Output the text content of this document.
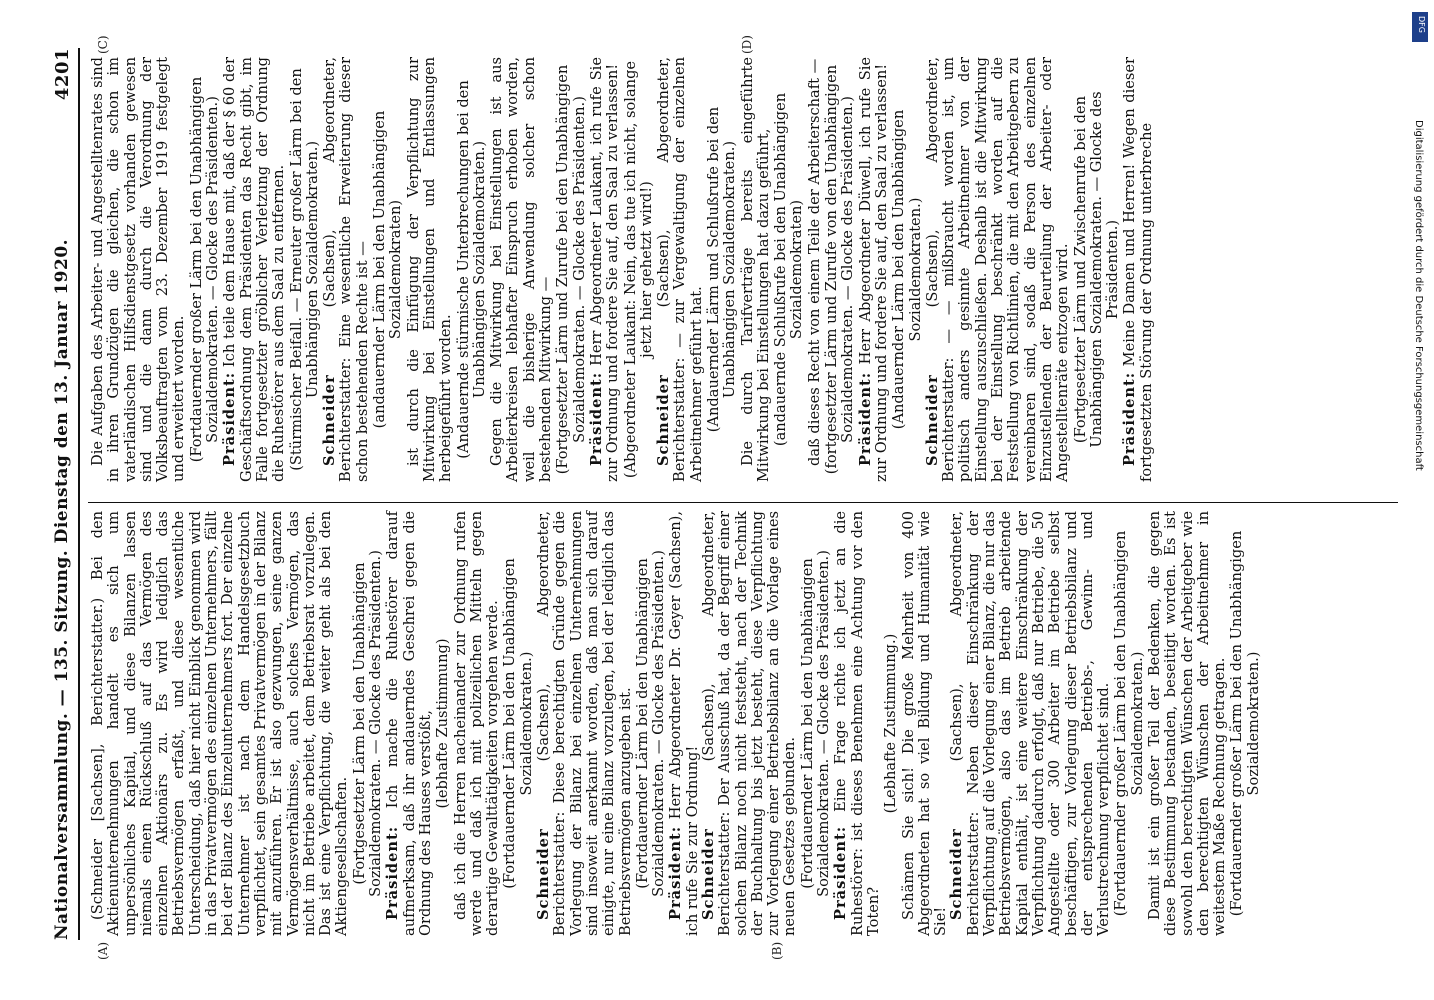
Nationalversammlung. — 135. Sitzung. Dienstag den 13. Januar 1920.
4201
(A)	(B)
(C)	(D)

(Schneider [Sachsen], Berichterstatter.) Bei den Aktienunternehmungen handelt es sich um unpersönliches Kapital, und diese Bilanzen lassen niemals einen Rückschluß auf das Vermögen des einzelnen Aktionärs zu. Es wird lediglich das Betriebsvermögen erfaßt, und diese wesentliche Unterscheidung, daß hier nicht Einblick genommen wird in das Privatvermögen des einzelnen Unternehmers, fällt bei der Bilanz des Einzelunternehmers fort. Der einzelne Unternehmer ist nach dem Handelsgesetzbuch verpflichtet, sein gesamtes Privatvermögen in der Bilanz mit anzuführen. Er ist also gezwungen, seine ganzen Vermögensverhältnisse, auch solches Vermögen, das nicht im Betriebe arbeitet, dem Betriebsrat vorzulegen. Das ist eine Verpflichtung, die weiter geht als bei den Aktiengesellschaften. (Fortgesetzter Lärm bei den Unabhängigen Sozialdemokraten. — Glocke des Präsidenten.) Präsident: Ich mache die Ruhestörer darauf aufmerksam, daß ihr andauerndes Geschrei gegen die Ordnung des Hauses verstößt, (lebhafte Zustimmung) daß ich die Herren nacheinander zur Ordnung rufen werde und daß ich mit polizeilichen Mitteln gegen derartige Gewalttätigkeiten vorgehen werde. (Fortdauernder Lärm bei den Unabhängigen Sozialdemokraten.)

Schneider (Sachsen), Abgeordneter, Berichterstatter: Diese berechtigten Gründe gegen die Vorlegung der Bilanz bei einzelnen Unternehmungen sind insoweit anerkannt worden, daß man sich darauf einigte, nur eine Bilanz vorzulegen, bei der lediglich das Betriebsvermögen anzugeben ist. (Fortdauernder Lärm bei den Unabhängigen Sozialdemokraten. — Glocke des Präsidenten.) Präsident: Herr Abgeordneter Dr. Geyer (Sachsen), ich rufe Sie zur Ordnung! Schneider (Sachsen), Abgeordneter, Berichterstatter: Der Ausschuß hat, da der Begriff einer solchen Bilanz noch nicht feststeht, nach der Technik der Buchhaltung bis jetzt besteht, diese Verpflichtung zur Vorlegung einer Betriebsbilanz an die Vorlage eines neuen Gesetzes gebunden. (Fortdauernder Lärm bei den Unabhängigen Sozialdemokraten. — Glocke des Präsidenten.) Präsident: Eine Frage richte ich jetzt an die Ruhestörer: ist dieses Benehmen eine Achtung vor den Toten?

(Lebhafte Zustimmung.) Schämen Sie sich! Die große Mehrheit von 400 Abgeordneten hat so viel Bildung und Humanität wie Sie!

Schneider (Sachsen), Abgeordneter, Berichterstatter: Neben dieser Einschränkung der Verpflichtung auf die Vorlegung einer Bilanz, die nur das Betriebsvermögen, also das im Betrieb arbeitende Kapital enthält, ist eine weitere Einschränkung der Verpflichtung dadurch erfolgt, daß nur Betriebe, die 50 Angestellte oder 300 Arbeiter im Betriebe selbst beschäftigen, zur Vorlegung dieser Betriebsbilanz und der entsprechenden Betriebs-, Gewinn- und Verlustrechnung verpflichtet sind. (Fortdauernder großer Lärm bei den Unabhängigen Sozialdemokraten.) Damit ist ein großer Teil der Bedenken, die gegen diese Bestimmung bestanden, beseitigt worden. Es ist sowohl den berechtigten Wünschen der Arbeitgeber wie den berechtigten Wünschen der Arbeitnehmer in weitestem Maße Rechnung getragen. (Fortdauernder großer Lärm bei den Unabhängigen Sozialdemokraten.)

Die Aufgaben des Arbeiter- und Angestelltenrates sind in ihren Grundzügen die gleichen, die schon im vaterländischen Hilfsdienstgesetz vorhanden gewesen sind und die dann durch die Verordnung der Volksbeauftragten vom 23. Dezember 1919 festgelegt und erweitert worden. (Fortdauernder großer Lärm bei den Unabhängigen Sozialdemokraten. — Glocke des Präsidenten.) Präsident: Ich teile dem Hause mit, daß der § 60 der Geschäftsordnung dem Präsidenten das Recht gibt, im Falle fortgesetzter gröblicher Verletzung der Ordnung die Ruhestörer aus dem Saal zu entfernen. (Stürmischer Beifall. — Erneuter großer Lärm bei den Unabhängigen Sozialdemokraten.)

Schneider (Sachsen), Abgeordneter, Berichterstatter: Eine wesentliche Erweiterung dieser schon bestehenden Rechte ist — (andauernder Lärm bei den Unabhängigen Sozialdemokraten) ist durch die Einfügung der Verpflichtung zur Mitwirkung bei Einstellungen und Entlassungen herbeigeführt worden. (Andauernde stürmische Unterbrechungen bei den Unabhängigen Sozialdemokraten.) Gegen die Mitwirkung bei Einstellungen ist aus Arbeiterkreisen lebhafter Einspruch erhoben worden, weil die bisherige Anwendung solcher schon bestehenden Mitwirkung — (Fortgesetzter Lärm und Zurufe bei den Unabhängigen Sozialdemokraten. — Glocke des Präsidenten.) Präsident: Herr Abgeordneter Laukant, ich rufe Sie zur Ordnung und fordere Sie auf, den Saal zu verlassen! (Abgeordneter Laukant: Nein, das tue ich nicht, solange jetzt hier gehetzt wird!)

Schneider (Sachsen), Abgeordneter, Berichterstatter: — zur Vergewaltigung der einzelnen Arbeitnehmer geführt hat. (Andauernder Lärm und Schlußrufe bei den Unabhängigen Sozialdemokraten.) Die durch Tarifverträge bereits eingeführte Mitwirkung bei Einstellungen hat dazu geführt, (andauernde Schlußrufe bei den Unabhängigen Sozialdemokraten) daß dieses Recht von einem Teile der Arbeiterschaft — (fortgesetzter Lärm und Zurufe von den Unabhängigen Sozialdemokraten. — Glocke des Präsidenten.) Präsident: Herr Abgeordneter Düwell, ich rufe Sie zur Ordnung und fordere Sie auf, den Saal zu verlassen! (Andauernder Lärm bei den Unabhängigen Sozialdemokraten.)

Schneider (Sachsen), Abgeordneter, Berichterstatter: — — mißbraucht worden ist, um politisch anders gesinnte Arbeitnehmer von der Einstellung auszuschließen. Deshalb ist die Mitwirkung bei der Einstellung beschränkt worden auf die Feststellung von Richtlinien, die mit den Arbeitgebern zu vereinbaren sind, sodaß die Person des einzelnen Einzustellenden der Beurteilung der Arbeiter- oder Angestelltenräte entzogen wird. (Fortgesetzter Lärm und Zwischenrufe bei den Unabhängigen Sozialdemokraten. — Glocke des Präsidenten.)

Präsident: Meine Damen und Herren! Wegen dieser fortgesetzten Störung der Ordnung unterbreche

DFG
Digitalisierung gefördert durch die Deutsche Forschungsgemeinschaft
